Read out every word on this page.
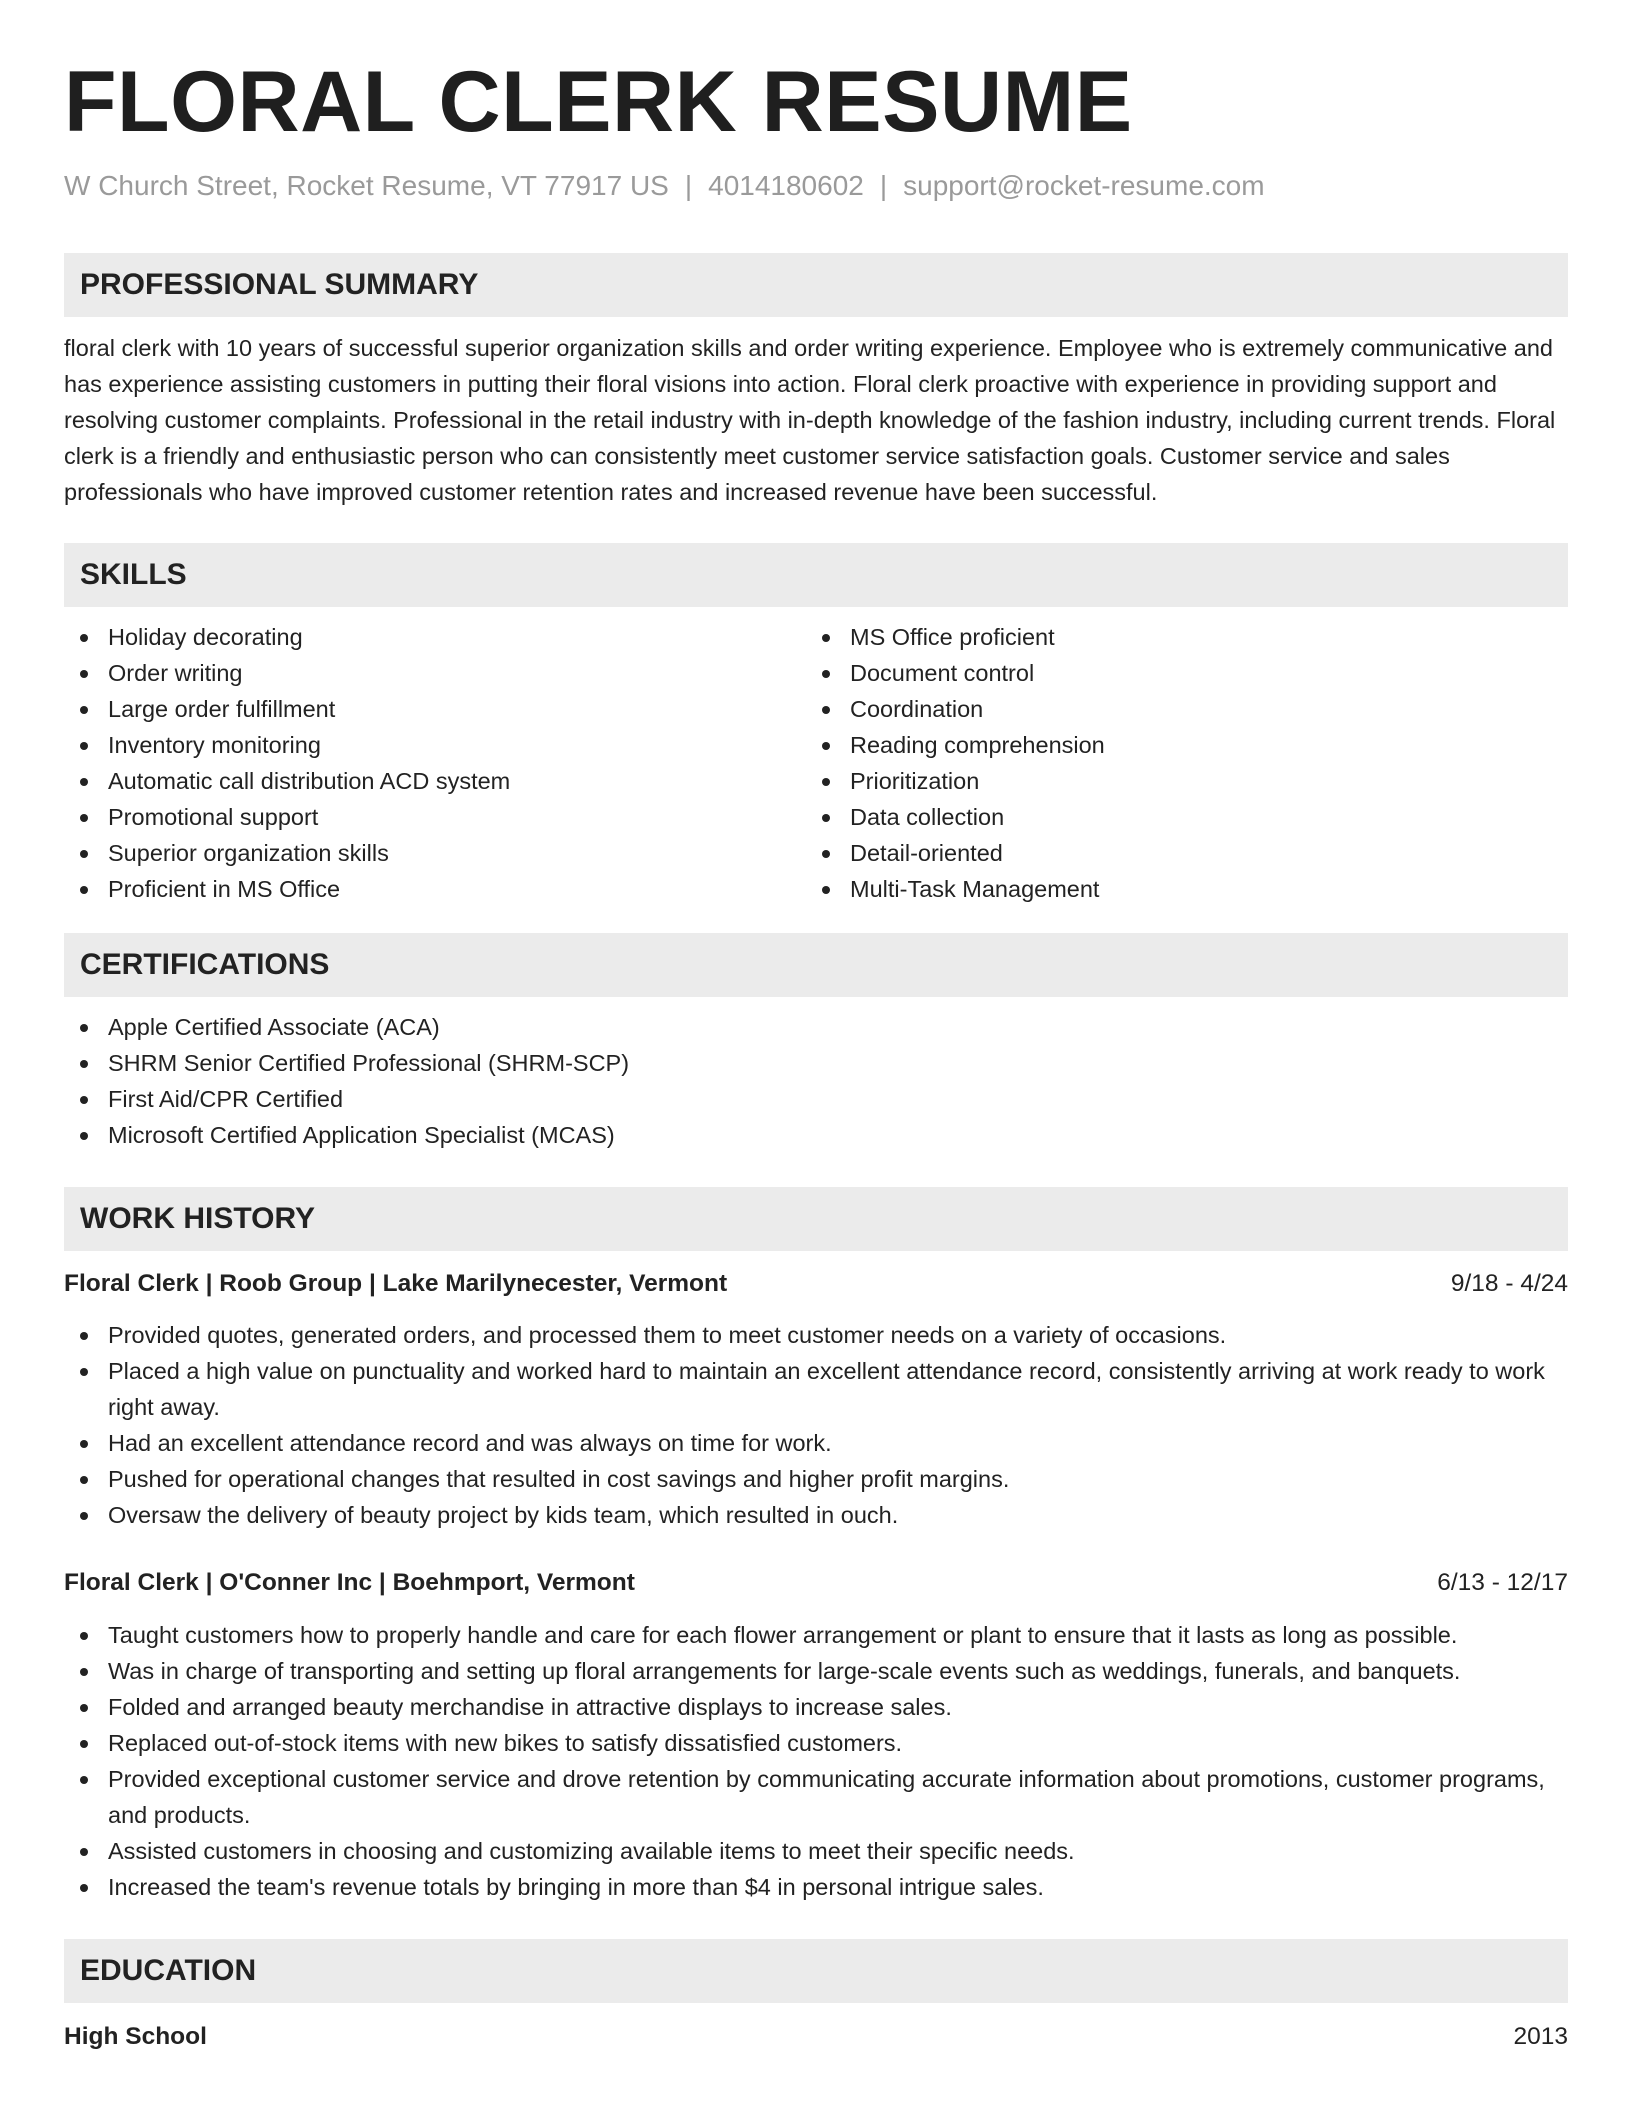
FLORAL CLERK RESUME
W Church Street, Rocket Resume, VT 77917 US | 4014180602 | support@rocket-resume.com
PROFESSIONAL SUMMARY

floral clerk with 10 years of successful superior organization skills and order writing experience. Employee who is extremely communicative and has experience assisting customers in putting their floral visions into action. Floral clerk proactive with experience in providing support and resolving customer complaints. Professional in the retail industry with in-depth knowledge of the fashion industry, including current trends. Floral clerk is a friendly and enthusiastic person who can consistently meet customer service satisfaction goals. Customer service and sales professionals who have improved customer retention rates and increased revenue have been successful.

SKILLS
Holiday decorating
Order writing
Large order fulfillment
Inventory monitoring
Automatic call distribution ACD system
Promotional support
Superior organization skills
Proficient in MS Office
MS Office proficient
Document control
Coordination
Reading comprehension
Prioritization
Data collection
Detail-oriented
Multi-Task Management
CERTIFICATIONS
Apple Certified Associate (ACA)
SHRM Senior Certified Professional (SHRM-SCP)
First Aid/CPR Certified
Microsoft Certified Application Specialist (MCAS)
WORK HISTORY
Floral Clerk | Roob Group | Lake Marilynecester, Vermont	9/18 - 4/24
Provided quotes, generated orders, and processed them to meet customer needs on a variety of occasions.
Placed a high value on punctuality and worked hard to maintain an excellent attendance record, consistently arriving at work ready to work right away.
Had an excellent attendance record and was always on time for work.
Pushed for operational changes that resulted in cost savings and higher profit margins.
Oversaw the delivery of beauty project by kids team, which resulted in ouch.
Floral Clerk | O'Conner Inc | Boehmport, Vermont	6/13 - 12/17
Taught customers how to properly handle and care for each flower arrangement or plant to ensure that it lasts as long as possible.
Was in charge of transporting and setting up floral arrangements for large-scale events such as weddings, funerals, and banquets.
Folded and arranged beauty merchandise in attractive displays to increase sales.
Replaced out-of-stock items with new bikes to satisfy dissatisfied customers.
Provided exceptional customer service and drove retention by communicating accurate information about promotions, customer programs, and products.
Assisted customers in choosing and customizing available items to meet their specific needs.
Increased the team's revenue totals by bringing in more than $4 in personal intrigue sales.
EDUCATION
High School	2013
